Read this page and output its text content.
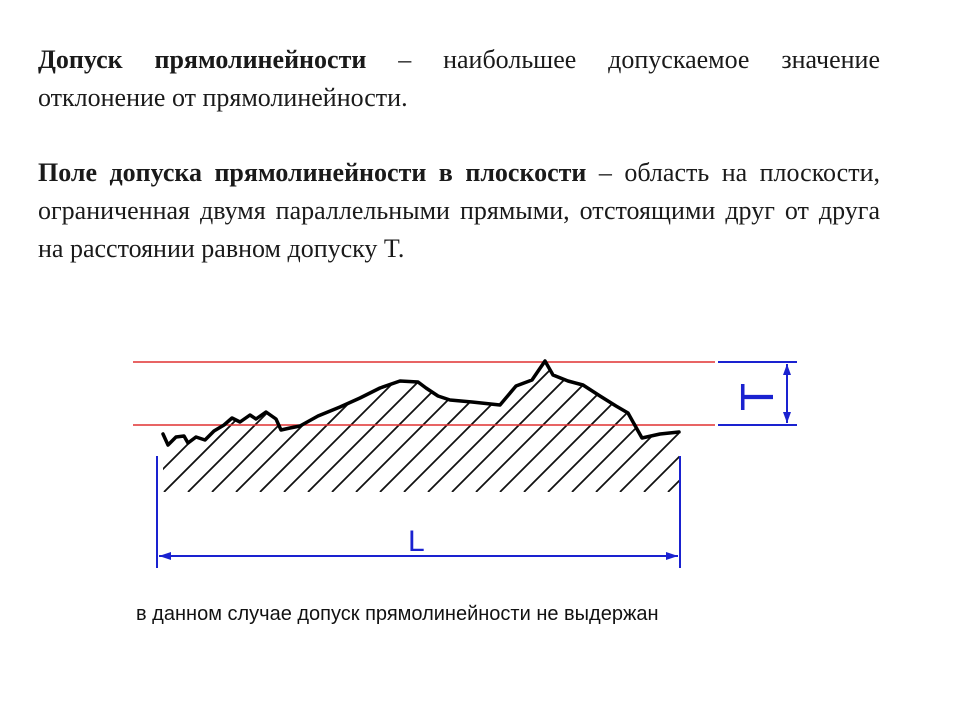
Допуск прямолинейности – наибольшее допускаемое значение отклонение от прямолинейности.

Поле допуска прямолинейности в плоскости – область на плоскости, ограниченная двумя параллельными прямыми, отстоящими друг от друга на расстоянии равном допуску T.

T
L
в данном случае допуск прямолинейности не выдержан
